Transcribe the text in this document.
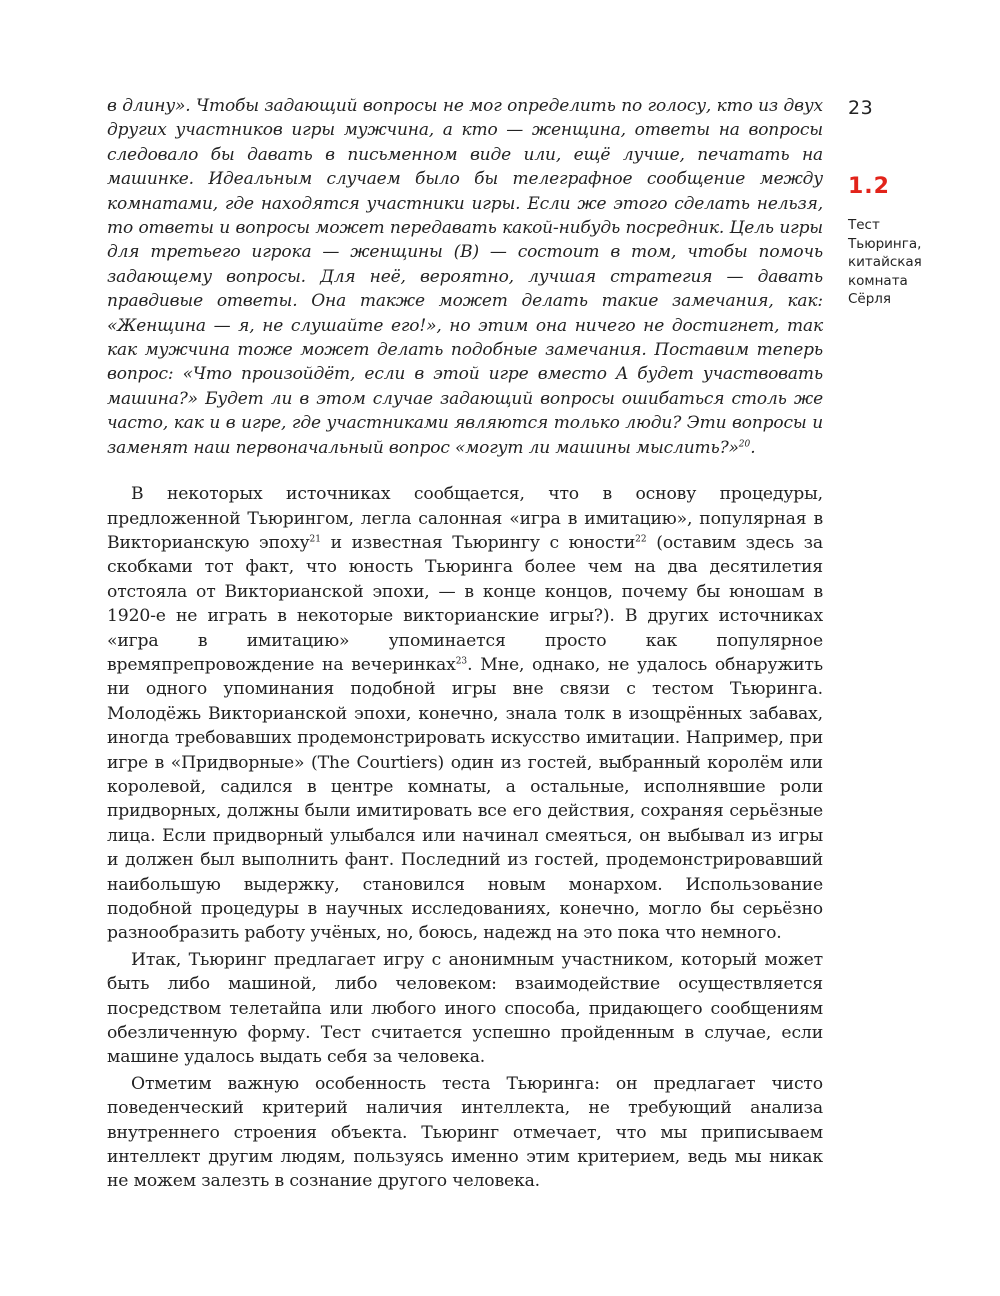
в длину». Чтобы задающий вопросы не мог определить по голосу, кто из двух других участников игры мужчина, а кто — женщина, ответы на вопросы следовало бы давать в письменном виде или, ещё лучше, печатать на машинке. Идеальным случаем было бы телеграфное сообщение между комнатами, где находятся участники игры. Если же этого сделать нельзя, то ответы и вопросы может передавать какой-нибудь посредник. Цель игры для третьего игрока — женщины (B) — состоит в том, чтобы помочь задающему вопросы. Для неё, вероятно, лучшая стратегия — давать правдивые ответы. Она также может делать такие замечания, как: «Женщина — я, не слушайте его!», но этим она ничего не достигнет, так как мужчина тоже может делать подобные замечания. Поставим теперь вопрос: «Что произойдёт, если в этой игре вместо A будет участвовать машина?» Будет ли в этом случае задающий вопросы ошибаться столь же часто, как и в игре, где участниками являются только люди? Эти вопросы и заменят наш первоначальный вопрос «могут ли машины мыслить?»$^{20}$.

В некоторых источниках сообщается, что в основу процедуры, предложенной Тьюрингом, легла салонная «игра в имитацию», популярная в Викторианскую эпоху$^{21}$ и известная Тьюрингу с юности$^{22}$ (оставим здесь за скобками тот факт, что юность Тьюринга более чем на два десятилетия отстояла от Викторианской эпохи, — в конце концов, почему бы юношам в 1920-е не играть в некоторые викторианские игры?). В других источниках «игра в имитацию» упоминается просто как популярное времяпрепровождение на вечеринках$^{23}$. Мне, однако, не удалось обнаружить ни одного упоминания подобной игры вне связи с тестом Тьюринга. Молодёжь Викторианской эпохи, конечно, знала толк в изощрённых забавах, иногда требовавших продемонстрировать искусство имитации. Например, при игре в «Придворные» (The Courtiers) один из гостей, выбранный королём или королевой, садился в центре комнаты, а остальные, исполнявшие роли придворных, должны были имитировать все его действия, сохраняя серьёзные лица. Если придворный улыбался или начинал смеяться, он выбывал из игры и должен был выполнить фант. Последний из гостей, продемонстрировавший наибольшую выдержку, становился новым монархом. Использование подобной процедуры в научных исследованиях, конечно, могло бы серьёзно разнообразить работу учёных, но, боюсь, надежд на это пока что немного.

Итак, Тьюринг предлагает игру с анонимным участником, который может быть либо машиной, либо человеком: взаимодействие осуществляется посредством телетайпа или любого иного способа, придающего сообщениям обезличенную форму. Тест считается успешно пройденным в случае, если машине удалось выдать себя за человека.

Отметим важную особенность теста Тьюринга: он предлагает чисто поведенческий критерий наличия интеллекта, не требующий анализа внутреннего строения объекта. Тьюринг отмечает, что мы приписываем интеллект другим людям, пользуясь именно этим критерием, ведь мы никак не можем залезть в сознание другого человека.

23
1.2
Тест Тьюринга, китайская комната Сёрля
